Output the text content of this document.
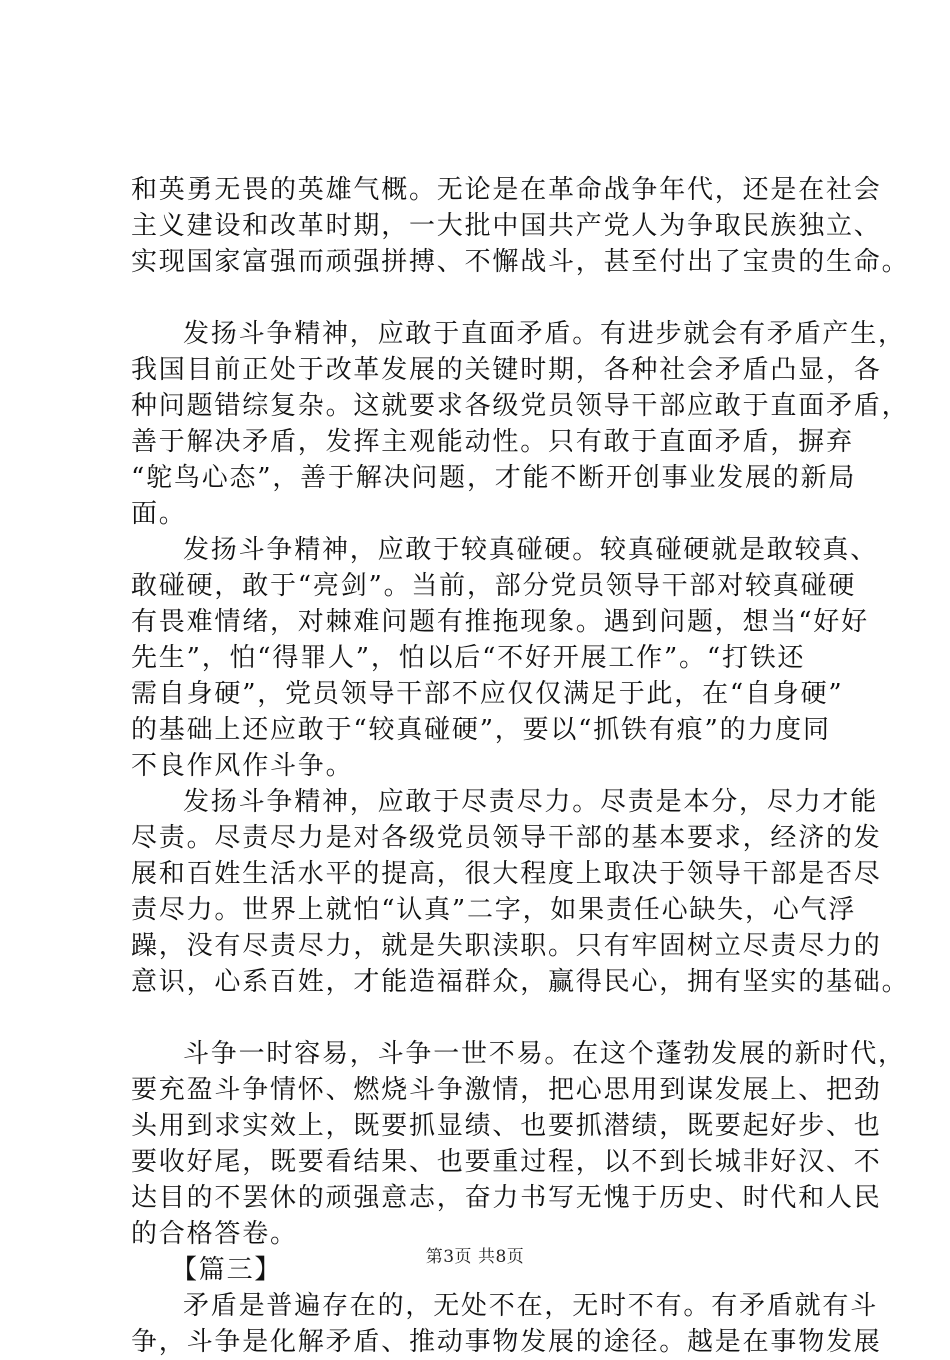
和英勇无畏的英雄气概。无论是在革命战争年代，还是在社会
主义建设和改革时期，一大批中国共产党人为争取民族独立、
实现国家富强而顽强拼搏、不懈战斗，甚至付出了宝贵的生命。
发扬斗争精神，应敢于直面矛盾。有进步就会有矛盾产生，
我国目前正处于改革发展的关键时期，各种社会矛盾凸显，各
种问题错综复杂。这就要求各级党员领导干部应敢于直面矛盾，
善于解决矛盾，发挥主观能动性。只有敢于直面矛盾，摒弃
“鸵鸟心态”，善于解决问题，才能不断开创事业发展的新局
面。
发扬斗争精神，应敢于较真碰硬。较真碰硬就是敢较真、
敢碰硬，敢于“亮剑”。当前，部分党员领导干部对较真碰硬
有畏难情绪，对棘难问题有推拖现象。遇到问题，想当“好好
先生”，怕“得罪人”，怕以后“不好开展工作”。“打铁还
需自身硬”，党员领导干部不应仅仅满足于此，在“自身硬”
的基础上还应敢于“较真碰硬”，要以“抓铁有痕”的力度同
不良作风作斗争。
发扬斗争精神，应敢于尽责尽力。尽责是本分，尽力才能
尽责。尽责尽力是对各级党员领导干部的基本要求，经济的发
展和百姓生活水平的提高，很大程度上取决于领导干部是否尽
责尽力。世界上就怕“认真”二字，如果责任心缺失，心气浮
躁，没有尽责尽力，就是失职渎职。只有牢固树立尽责尽力的
意识，心系百姓，才能造福群众，赢得民心，拥有坚实的基础。
斗争一时容易，斗争一世不易。在这个蓬勃发展的新时代，
要充盈斗争情怀、燃烧斗争激情，把心思用到谋发展上、把劲
头用到求实效上，既要抓显绩、也要抓潜绩，既要起好步、也
要收好尾，既要看结果、也要重过程，以不到长城非好汉、不
达目的不罢休的顽强意志，奋力书写无愧于历史、时代和人民
的合格答卷。
【篇三】
矛盾是普遍存在的，无处不在，无时不有。有矛盾就有斗
争，斗争是化解矛盾、推动事物发展的途径。越是在事物发展
第3页 共8页
